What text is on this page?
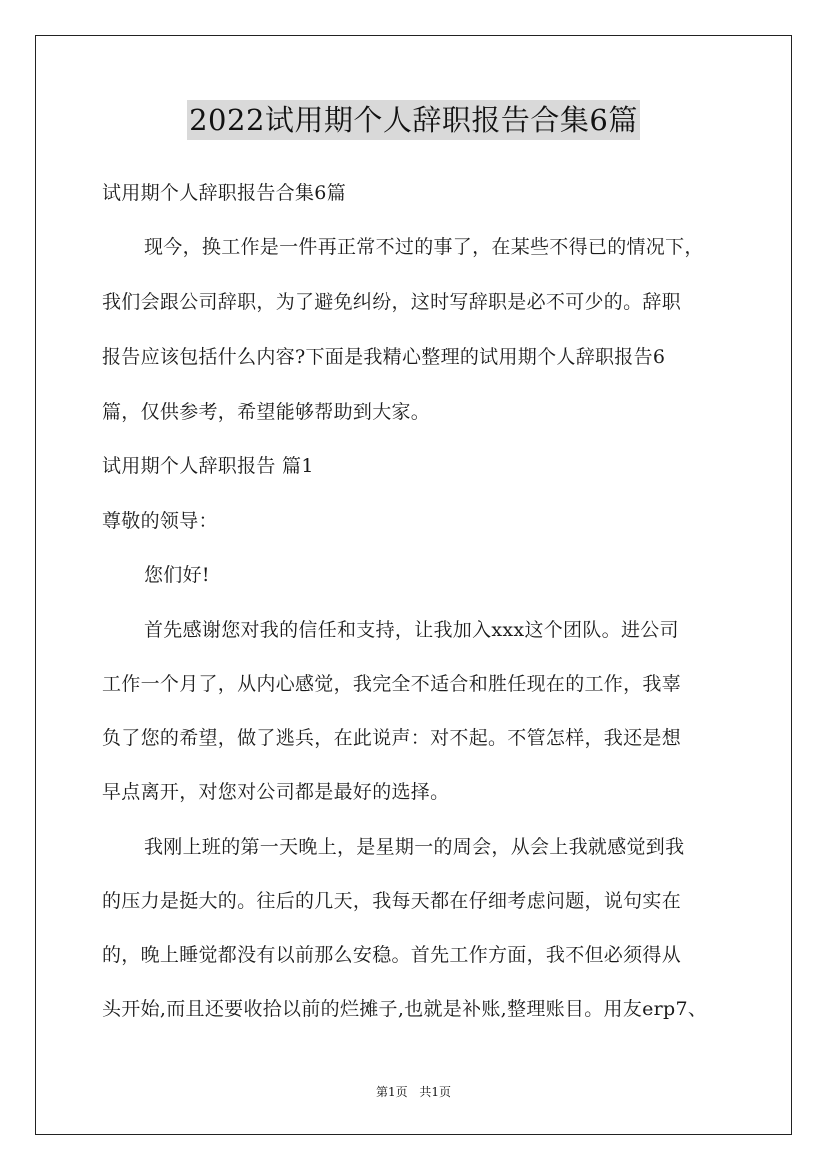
2022试用期个人辞职报告合集6篇
试用期个人辞职报告合集6篇
现今，换工作是一件再正常不过的事了，在某些不得已的情况下，
我们会跟公司辞职，为了避免纠纷，这时写辞职是必不可少的。辞职
报告应该包括什么内容?下面是我精心整理的试用期个人辞职报告6
篇，仅供参考，希望能够帮助到大家。
试用期个人辞职报告 篇1
尊敬的领导：
您们好!
首先感谢您对我的信任和支持，让我加入xxx这个团队。进公司
工作一个月了，从内心感觉，我完全不适合和胜任现在的工作，我辜
负了您的希望，做了逃兵，在此说声：对不起。不管怎样，我还是想
早点离开，对您对公司都是最好的选择。
我刚上班的第一天晚上，是星期一的周会，从会上我就感觉到我
的压力是挺大的。往后的几天，我每天都在仔细考虑问题，说句实在
的，晚上睡觉都没有以前那么安稳。首先工作方面，我不但必须得从
头开始,而且还要收拾以前的烂摊子,也就是补账,整理账目。用友erp7、
第1页 共1页
